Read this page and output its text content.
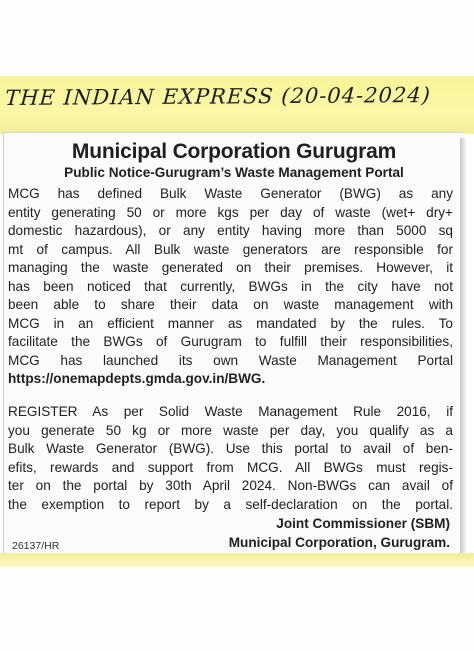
THE INDIAN EXPRESS (20-04-2024)
Municipal Corporation Gurugram
Public Notice-Gurugram’s Waste Management Portal
MCG has defined Bulk Waste Generator (BWG) as any
entity generating 50 or more kgs per day of waste (wet+ dry+
domestic hazardous), or any entity having more than 5000 sq
mt of campus. All Bulk waste generators are responsible for
managing the waste generated on their premises. However, it
has been noticed that currently, BWGs in the city have not
been able to share their data on waste management with
MCG in an efficient manner as mandated by the rules. To
facilitate the BWGs of Gurugram to fulfill their responsibilities,
MCG has launched its own Waste Management Portal
https://onemapdepts.gmda.gov.in/BWG.
REGISTER As per Solid Waste Management Rule 2016, if
you generate 50 kg or more waste per day, you qualify as a
Bulk Waste Generator (BWG). Use this portal to avail of ben-
efits, rewards and support from MCG. All BWGs must regis-
ter on the portal by 30th April 2024. Non-BWGs can avail of
the exemption to report by a self-declaration on the portal.
Joint Commissioner (SBM)
Municipal Corporation, Gurugram.
26137/HR
